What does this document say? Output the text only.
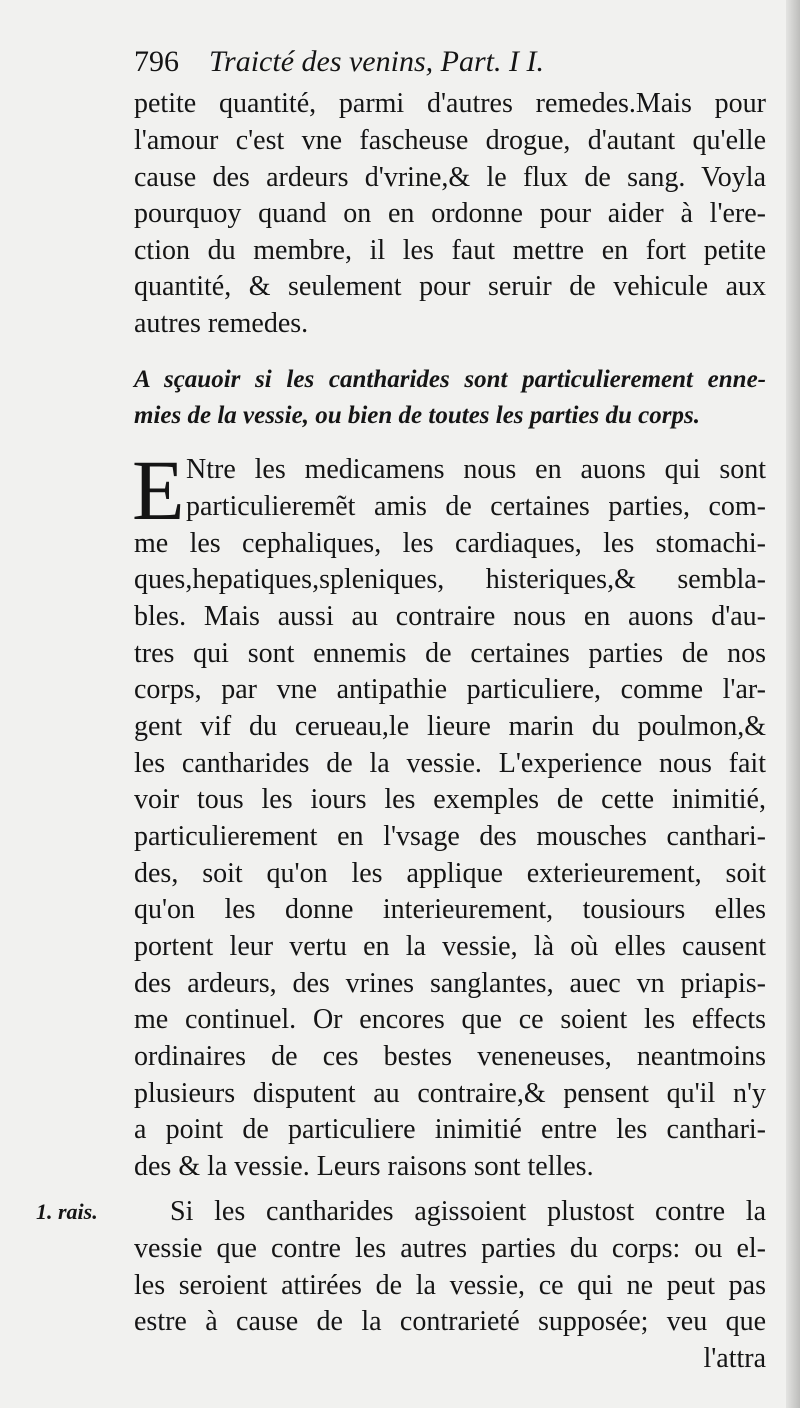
796 Traicté des venins, Part. I I.
petite quantité, parmi d'autres remedes.Mais pour
l'amour c'est vne fascheuse drogue, d'autant qu'elle
cause des ardeurs d'vrine,& le flux de sang. Voyla
pourquoy quand on en ordonne pour aider à l'ere-
ction du membre, il les faut mettre en fort petite
quantité, & seulement pour seruir de vehicule aux
autres remedes.
A sçauoir si les cantharides sont particulierement enne-
mies de la vessie, ou bien de toutes les parties du corps.
E Ntre les medicamens nous en auons qui sont
particulieremẽt amis de certaines parties, com-
me les cephaliques, les cardiaques, les stomachi-
ques,hepatiques,spleniques, histeriques,& sembla-
bles. Mais aussi au contraire nous en auons d'au-
tres qui sont ennemis de certaines parties de nos
corps, par vne antipathie particuliere, comme l'ar-
gent vif du cerueau,le lieure marin du poulmon,&
les cantharides de la vessie. L'experience nous fait
voir tous les iours les exemples de cette inimitié,
particulierement en l'vsage des mousches canthari-
des, soit qu'on les applique exterieurement, soit
qu'on les donne interieurement, tousiours elles
portent leur vertu en la vessie, là où elles causent
des ardeurs, des vrines sanglantes, auec vn priapis-
me continuel. Or encores que ce soient les effects
ordinaires de ces bestes veneneuses, neantmoins
plusieurs disputent au contraire,& pensent qu'il n'y
a point de particuliere inimitié entre les canthari-
des & la vessie. Leurs raisons sont telles.
1. rais.	Si les cantharides agissoient plustost contre la
vessie que contre les autres parties du corps: ou el-
les seroient attirées de la vessie, ce qui ne peut pas
estre à cause de la contrarieté supposée; veu que
l'attra
